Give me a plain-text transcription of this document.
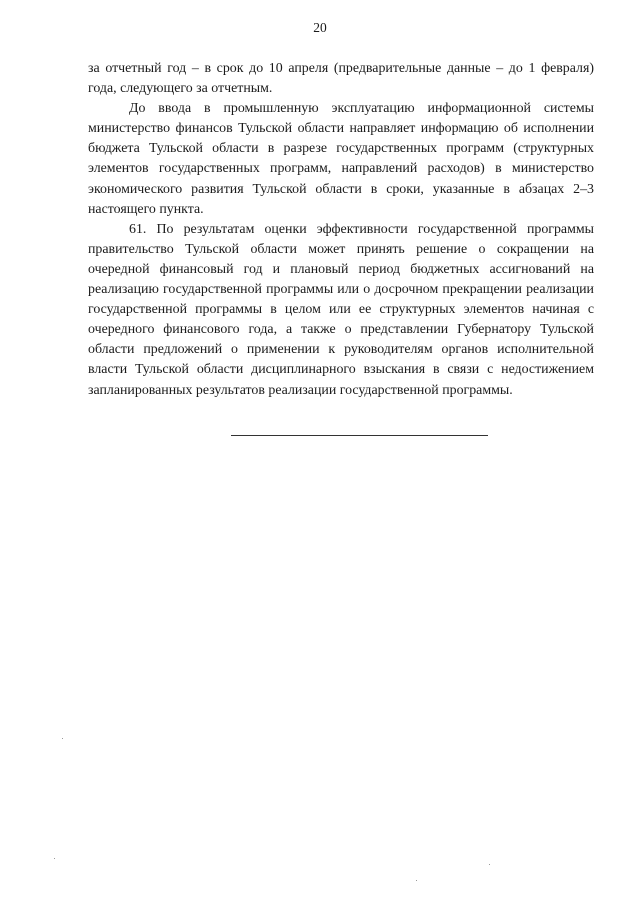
20

за отчетный год – в срок до 10 апреля (предварительные данные – до 1 февраля) года, следующего за отчетным.

До ввода в промышленную эксплуатацию информационной системы министерство финансов Тульской области направляет информацию об исполнении бюджета Тульской области в разрезе государственных программ (структурных элементов государственных программ, направлений расходов) в министерство экономического развития Тульской области в сроки, указанные в абзацах 2–3 настоящего пункта.

61. По результатам оценки эффективности государственной программы правительство Тульской области может принять решение о сокращении на очередной финансовый год и плановый период бюджетных ассигнований на реализацию государственной программы или о досрочном прекращении реализации государственной программы в целом или ее структурных элементов начиная с очередного финансового года, а также о представлении Губернатору Тульской области предложений о применении к руководителям органов исполнительной власти Тульской области дисциплинарного взыскания в связи с недостижением запланированных результатов реализации государственной программы.
